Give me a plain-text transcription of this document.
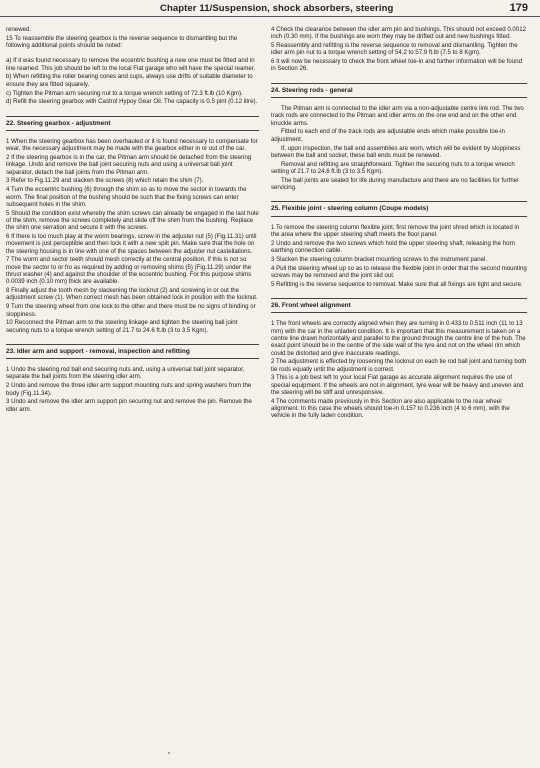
Chapter 11/Suspension, shock absorbers, steering	179

renewed.

15 To reassemble the steering gearbox is the reverse sequence to dismantling but the following additional points should be noted:

a) If it was found necessary to remove the eccentric bushing a new one must be fitted and in line reamed. This job should be left to the local Fiat garage who will have the special reamer.

b) When refitting the roller bearing cones and cups, always use drifts of suitable diameter to ensure they are fitted squarely.

c) Tighten the Pitman arm securing nut to a torque wrench setting of 72.3 ft.lb (10 Kgm).

d) Refill the steering gearbox with Castrol Hypoy Gear Oil. The capacity is 0.5 pint (0.12 litre).

22. Steering gearbox - adjustment

1 When the steering gearbox has been overhauled or it is found necessary to compensate for wear, the necessary adjustment may be made with the gearbox either in or out of the car.

2 If the steering gearbox is in the car, the Pitman arm should be detached from the steering linkage. Undo and remove the ball joint securing nuts and using a universal ball joint separator, detach the ball joints from the Pitman arm.

3 Refer to Fig.11.29 and slacken the screws (8) which retain the shim (7).

4 Turn the eccentric bushing (6) through the shim so as to move the sector in towards the worm. The final position of the bushing should be such that the fixing screws can enter subsequent holes in the shim.

5 Should the condition exist whereby the shim screws can already be engaged in the last hole of the shim, remove the screws completely and slide off the shim from the bushing. Replace the shim one serration and secure it with the screws.

6 If there is too much play at the worm bearings, screw in the adjuster nut (5) (Fig.11.31) until movement is just perceptible and then lock it with a new split pin. Make sure that the hole on the steering housing is in line with one of the spaces between the adjuster nut castellations.

7 The worm and sector teeth should mesh correctly at the central position. If this is not so move the sector to or fro as required by adding or removing shims (5) (Fig.11.29) under the thrust washer (4) and against the shoulder of the eccentric bushing. For this purpose shims 0.0039 inch (0.10 mm) thick are available.

8 Finally adjust the tooth mesh by slackening the locknut (2) and screwing in or out the adjustment screw (1). When correct mesh has been obtained lock in position with the locknut.

9 Turn the steering wheel from one lock to the other and there must be no signs of binding or sloppiness.

10 Reconnect the Pitman arm to the steering linkage and tighten the steering ball joint securing nuts to a torque wrench setting of 21.7 to 24.6 ft.lb (3 to 3.5 Kgm).

23. Idler arm and support - removal, inspection and refitting

1 Undo the steering rod ball end securing nuts and, using a universal ball joint separator, separate the ball joints from the steering idler arm.

2 Undo and remove the three idler arm support mounting nuts and spring washers from the body (Fig.11.34).

3 Undo and remove the idler arm support pin securing nut and remove the pin. Remove the idler arm.

4 Check the clearance between the idler arm pin and bushings. This should not exceed 0.0012 inch (0.30 mm). If the bushings are worn they may be drifted out and new bushings fitted.

5 Reassembly and refitting is the reverse sequence to removal and dismantling. Tighten the idler arm pin nut to a torque wrench setting of 54.2 to 57.9 ft.lb (7.5 to 8 Kgm).

6 It will now be necessary to check the front wheel toe-in and further information will be found in Section 26.

24. Steering rods - general

The Pitman arm is connected to the idler arm via a non-adjustable centre link rod. The two track rods are connected to the Pitman and idler arms on the one end and on the other end knuckle arms.

Fitted to each end of the track rods are adjustable ends which make possible toe-in adjustment.

If, upon inspection, the ball end assemblies are worn, which will be evident by sloppiness between the ball and socket, these ball ends must be renewed.

Removal and refitting are straightforward. Tighten the securing nuts to a torque wrench setting of 21.7 to 24.6 ft.lb (3 to 3.5 Kgm).

The ball joints are sealed for life during manufacture and there are no facilities for further servicing.

25. Flexible joint - steering column (Coupe models)

1 To remove the steering column flexible joint, first remove the joint shred which is located in the area where the upper steering shaft meets the floor panel.

2 Undo and remove the two screws which hold the upper steering shaft, releasing the horn earthing connection cable.

3 Slacken the steering column bracket mounting screws to the instrument panel.

4 Pull the steering wheel up so as to release the flexible joint in order that the second mounting screws may be removed and the joint slid out.

5 Refitting is the reverse sequence to removal. Make sure that all fixings are tight and secure.

26. Front wheel alignment

1 The front wheels are correctly aligned when they are turning in 0.433 to 0.511 inch (11 to 13 mm) with the car in the unladen condition. It is important that this measurement is taken on a centre line drawn horizontally and parallel to the ground through the centre line of the hub. The exact point should be in the centre of the side wall of the tyre and not on the wheel rim which could be distorted and give inaccurate readings.

2 The adjustment is effected by loosening the locknut on each tie rod ball joint and turning both tie rods equally until the adjustment is correct.

3 This is a job best left to your local Fiat garage as accurate alignment requires the use of special equipment. If the wheels are not in alignment, tyre wear will be heavy and uneven and the steering will be stiff and unresponsive.

4 The comments made previously in this Section are also applicable to the rear wheel alignment. In this case the wheels should toe-in 0.157 to 0.236 inch (4 to 6 mm), with the vehicle in the fully laden condition.
